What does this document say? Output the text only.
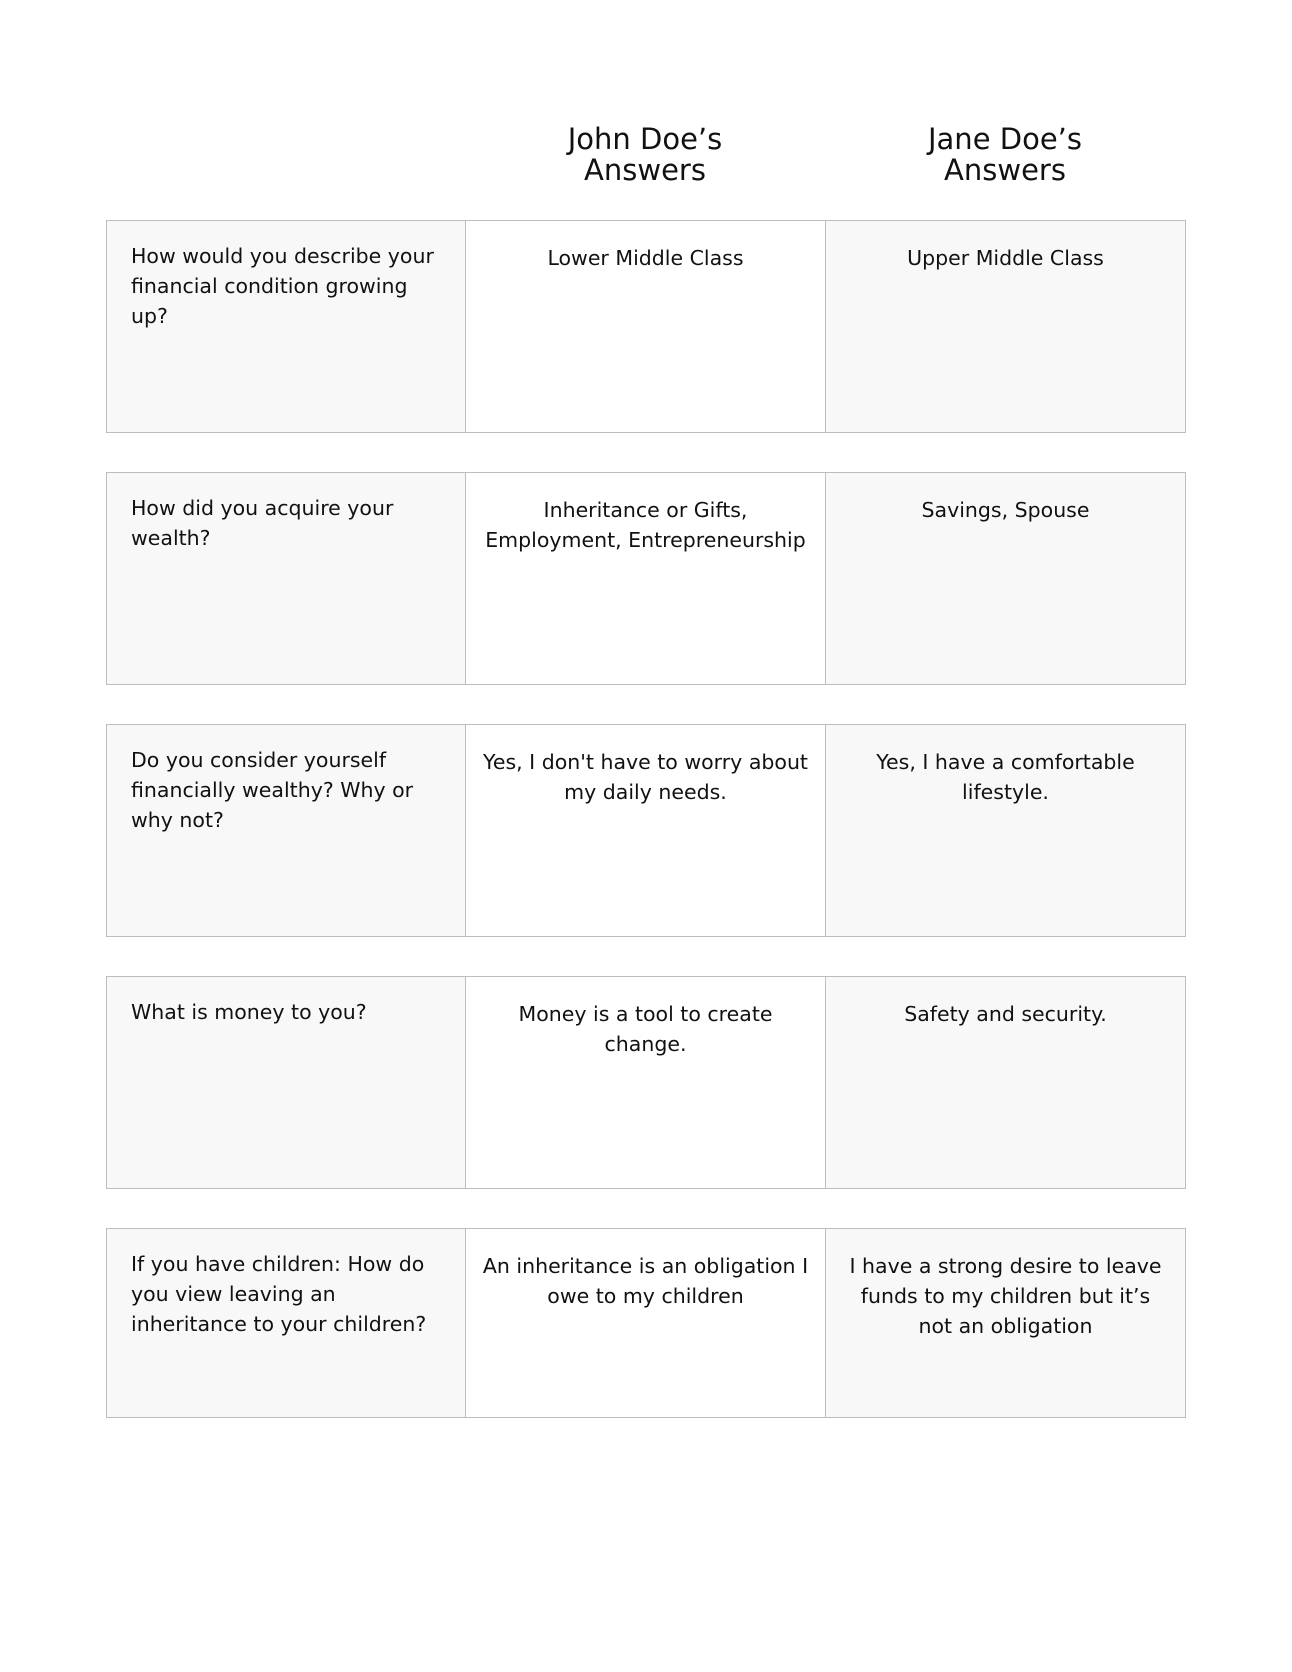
John Doe’s
Answers
Jane Doe’s
Answers
How would you describe your financial condition growing up?
Lower Middle Class	Upper Middle Class
How did you acquire your wealth?
Inheritance or Gifts, Employment, Entrepreneurship
Savings, Spouse
Do you consider yourself financially wealthy? Why or why not?
Yes, I don't have to worry about my daily needs.
Yes, I have a comfortable lifestyle.
What is money to you?	Money is a tool to create change.
Safety and security.
If you have children: How do you view leaving an inheritance to your children?
An inheritance is an obligation I owe to my children
I have a strong desire to leave funds to my children but it’s not an obligation
